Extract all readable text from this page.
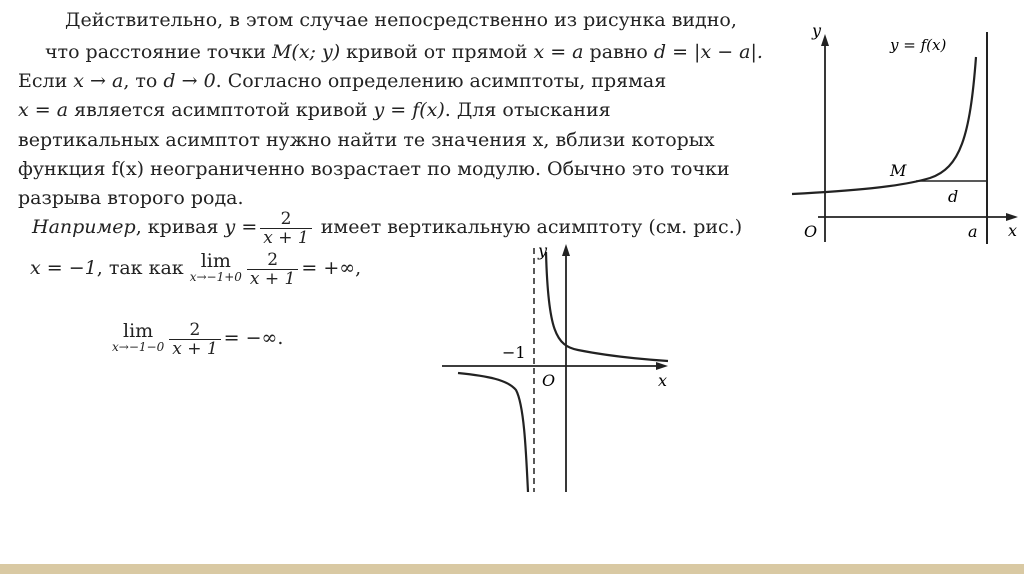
Действительно, в этом случае непосредственно из рисунка видно,
что расстояние точки M(x; y) кривой от прямой x = a равно d = |x − a|.
Если x → a, то d → 0. Согласно определению асимптоты, прямая
x = a является асимптотой кривой y = f(x). Для отыскания
вертикальных асимптот нужно найти те значения x, вблизи которых
функция f(x) неограниченно возрастает по модулю. Обычно это точки
разрыва второго рода.
Например, кривая $y = \frac{2}{x + 1}$ имеет вертикальную асимптоту (см. рис.)
x = −1, так как lim
$x\to-1+0 \frac{2}{x + 1}$ = +∞,
lim
$x\to-1-0 \frac{2}{x + 1}$ = −∞.
y
y = f(x)
M
d
O	a x
y
−1
O	x
